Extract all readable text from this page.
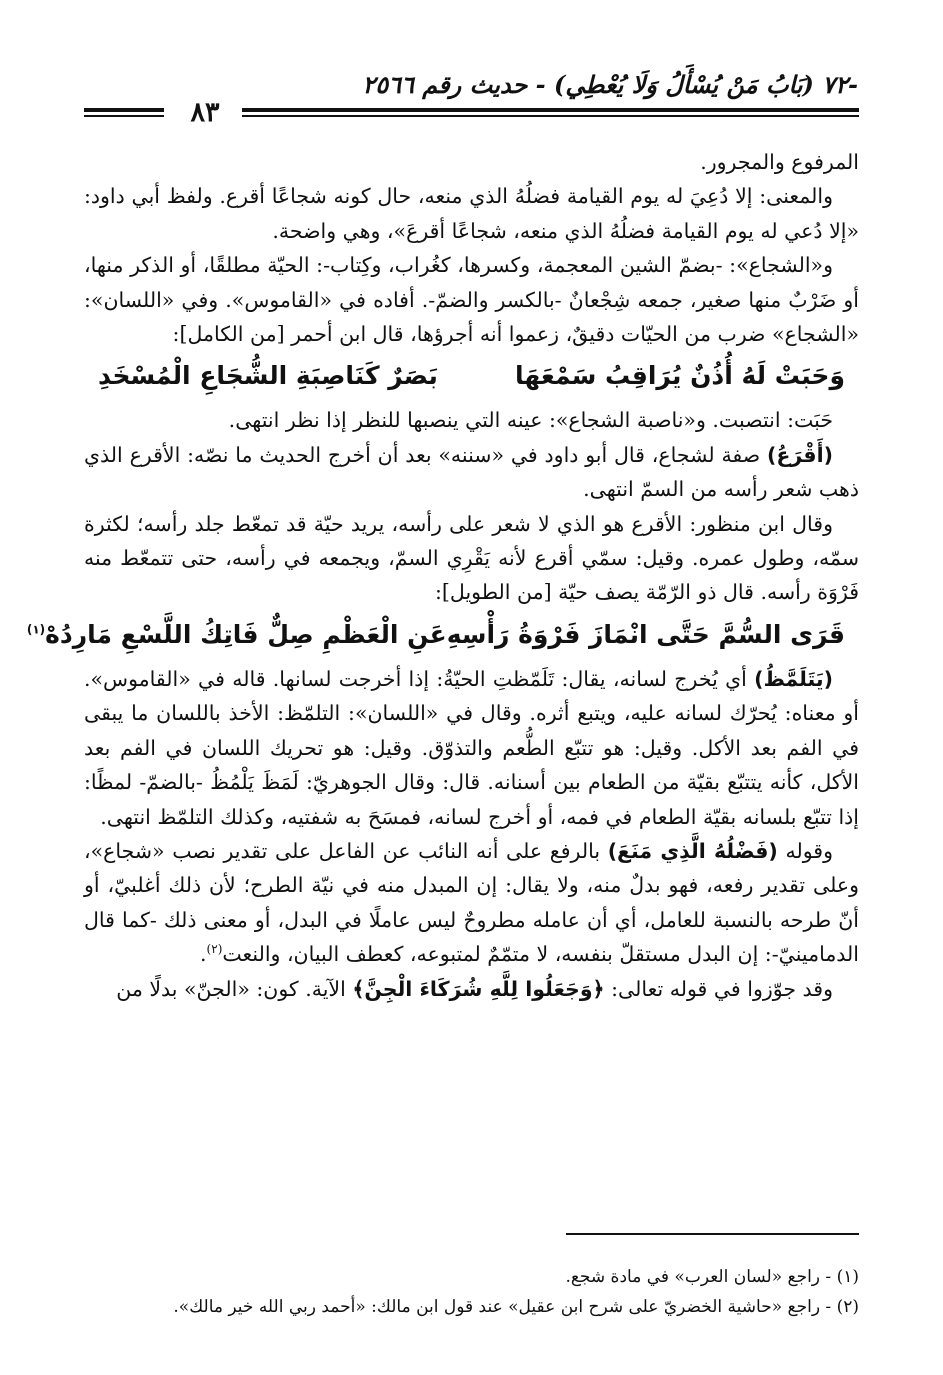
-٧٢ (بَابُ مَنْ يُسْأَلُ وَلَا يُعْطِي) - حديث رقم ٢٥٦٦
٨٣

المرفوع والمجرور.

والمعنى: إلا دُعِيَ له يوم القيامة فضلُهُ الذي منعه، حال كونه شجاعًا أقرع. ولفظ أبي داود: «إلا دُعي له يوم القيامة فضلُهُ الذي منعه، شجاعًا أقرعَ»، وهي واضحة.

و«الشجاع»: -بضمّ الشين المعجمة، وكسرها، كغُراب، وكِتاب-: الحيّة مطلقًا، أو الذكر منها، أو ضَرْبٌ منها صغير، جمعه شِجْعانٌ -بالكسر والضمّ-. أفاده في «القاموس». وفي «اللسان»: «الشجاع» ضرب من الحيّات دقيقٌ، زعموا أنه أجرؤها، قال ابن أحمر [من الكامل]:

وَحَبَتْ لَهُ أُذُنٌ يُرَاقِبُ سَمْعَهَا
بَصَرٌ كَنَاصِبَةِ الشُّجَاعِ الْمُسْخَدِ

حَبَت: انتصبت. و«ناصبة الشجاع»: عينه التي ينصبها للنظر إذا نظر انتهى.

(أَقْرَعُ) صفة لشجاع، قال أبو داود في «سننه» بعد أن أخرج الحديث ما نصّه: الأقرع الذي ذهب شعر رأسه من السمّ انتهى.

وقال ابن منظور: الأقرع هو الذي لا شعر على رأسه، يريد حيّة قد تمعّط جلد رأسه؛ لكثرة سمّه، وطول عمره. وقيل: سمّي أقرع لأنه يَقْرِي السمّ، ويجمعه في رأسه، حتى تتمعّط منه فَرْوَة رأسه. قال ذو الرّمّة يصف حيّة [من الطويل]:

قَرَى السُّمَّ حَتَّى انْمَازَ فَرْوَةُ رَأْسِهِ
عَنِ الْعَظْمِ صِلٌّ فَاتِكُ اللَّسْعِ مَارِدُهْ$^{(١)}$

(يَتَلَمَّظُ) أي يُخرج لسانه، يقال: تَلَمّظتِ الحيّةُ: إذا أخرجت لسانها. قاله في «القاموس». أو معناه: يُحرّك لسانه عليه، ويتبع أثره. وقال في «اللسان»: التلمّظ: الأخذ باللسان ما يبقى في الفم بعد الأكل. وقيل: هو تتبّع الطُّعم والتذوّق. وقيل: هو تحريك اللسان في الفم بعد الأكل، كأنه يتتبّع بقيّة من الطعام بين أسنانه. قال: وقال الجوهريّ: لَمَظَ يَلْمُظُ -بالضمّ- لمظًا: إذا تتبّع بلسانه بقيّة الطعام في فمه، أو أخرج لسانه، فمسَحَ به شفتيه، وكذلك التلمّظ انتهى.

وقوله (فَضْلُهُ الَّذِي مَنَعَ) بالرفع على أنه النائب عن الفاعل على تقدير نصب «شجاع»، وعلى تقدير رفعه، فهو بدلٌ منه، ولا يقال: إن المبدل منه في نيّة الطرح؛ لأن ذلك أغلبيّ، أو أنّ طرحه بالنسبة للعامل، أي أن عامله مطروحٌ ليس عاملًا في البدل، أو معنى ذلك -كما قال الدمامينيّ-: إن البدل مستقلّ بنفسه، لا متمّمٌ لمتبوعه، كعطف البيان، والنعت$^{(٢)}$.

وقد جوّزوا في قوله تعالى: ﴿وَجَعَلُوا لِلَّهِ شُرَكَاءَ الْجِنَّ﴾ الآية. كون: «الجنّ» بدلًا من

(١) - راجع «لسان العرب» في مادة شجع.

(٢) - راجع «حاشية الخضريّ على شرح ابن عقيل» عند قول ابن مالك: «أحمد ربي الله خير مالك».
